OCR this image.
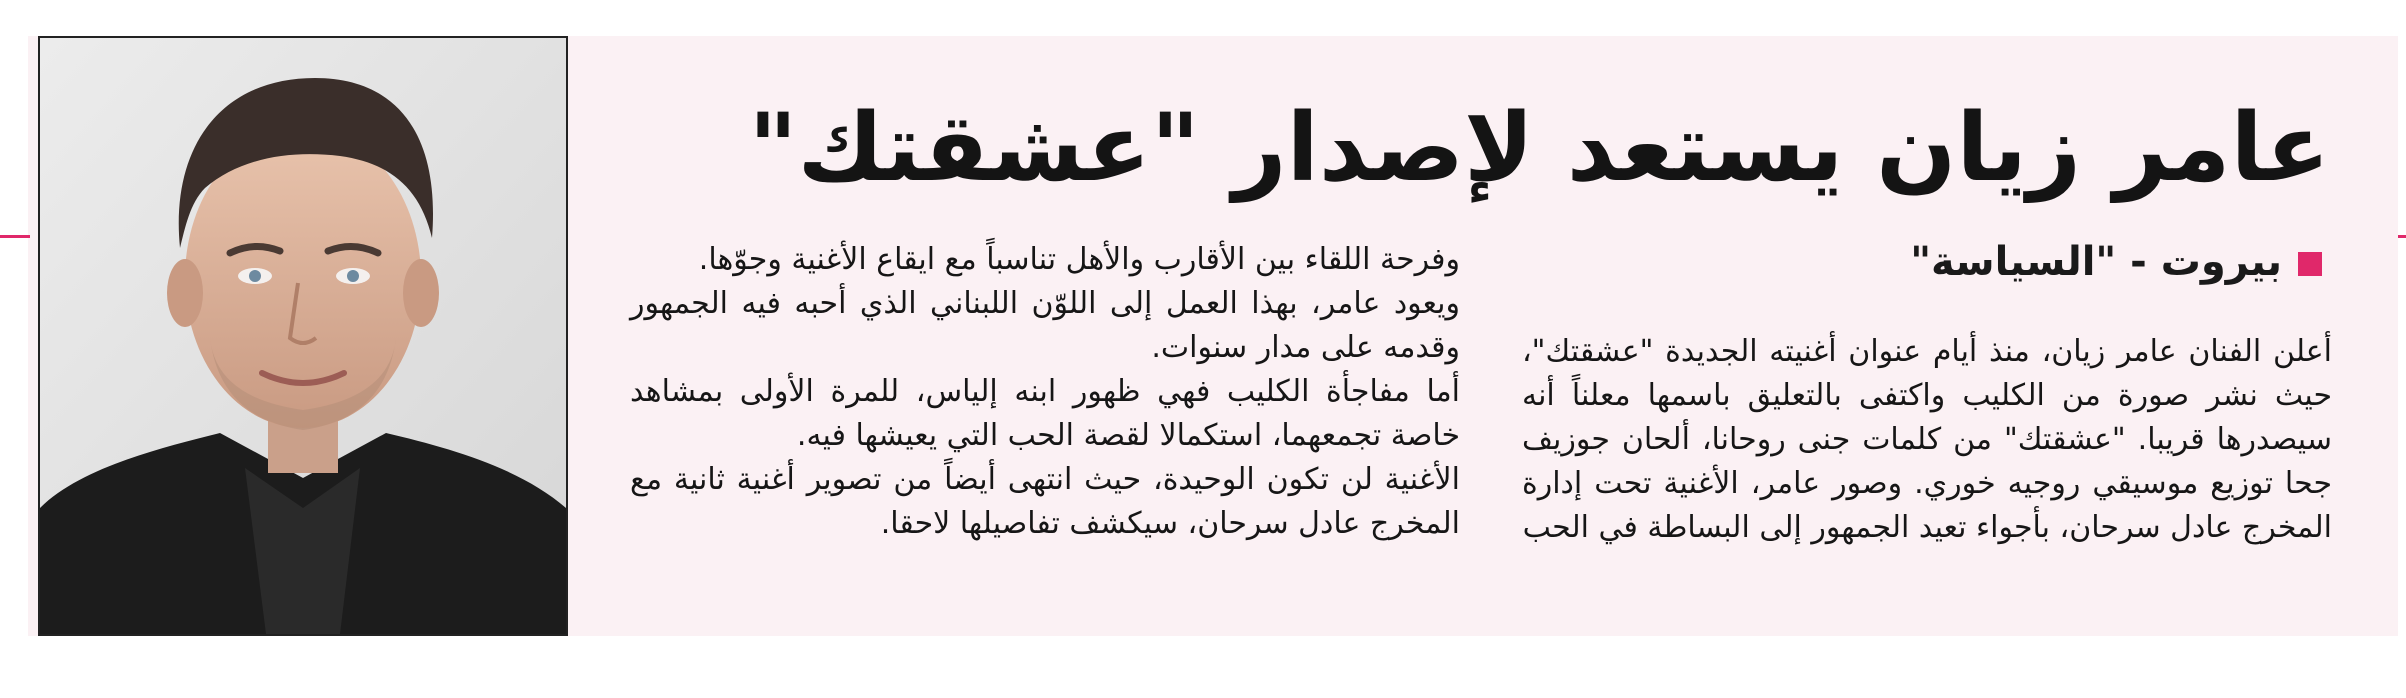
عامر زيان يستعد لإصدار "عشقتك"
بيروت - "السياسة"

أعلن الفنان عامر زيان، منذ أيام عنوان أغنيته الجديدة "عشقتك"، حيث نشر صورة من الكليب واكتفى بالتعليق باسمها معلناً أنه سيصدرها قريبا. "عشقتك" من كلمات جنى روحانا، ألحان جوزيف جحا توزيع موسيقي روجيه خوري. وصور عامر، الأغنية تحت إدارة المخرج عادل سرحان، بأجواء تعيد الجمهور إلى البساطة في الحب

وفرحة اللقاء بين الأقارب والأهل تناسباً مع ايقاع الأغنية وجوّها.

ويعود عامر، بهذا العمل إلى اللوّن اللبناني الذي أحبه فيه الجمهور وقدمه على مدار سنوات.

أما مفاجأة الكليب فهي ظهور ابنه إلياس، للمرة الأولى بمشاهد خاصة تجمعهما، استكمالا لقصة الحب التي يعيشها فيه.

الأغنية لن تكون الوحيدة، حيث انتهى أيضاً من تصوير أغنية ثانية مع المخرج عادل سرحان، سيكشف تفاصيلها لاحقا.
